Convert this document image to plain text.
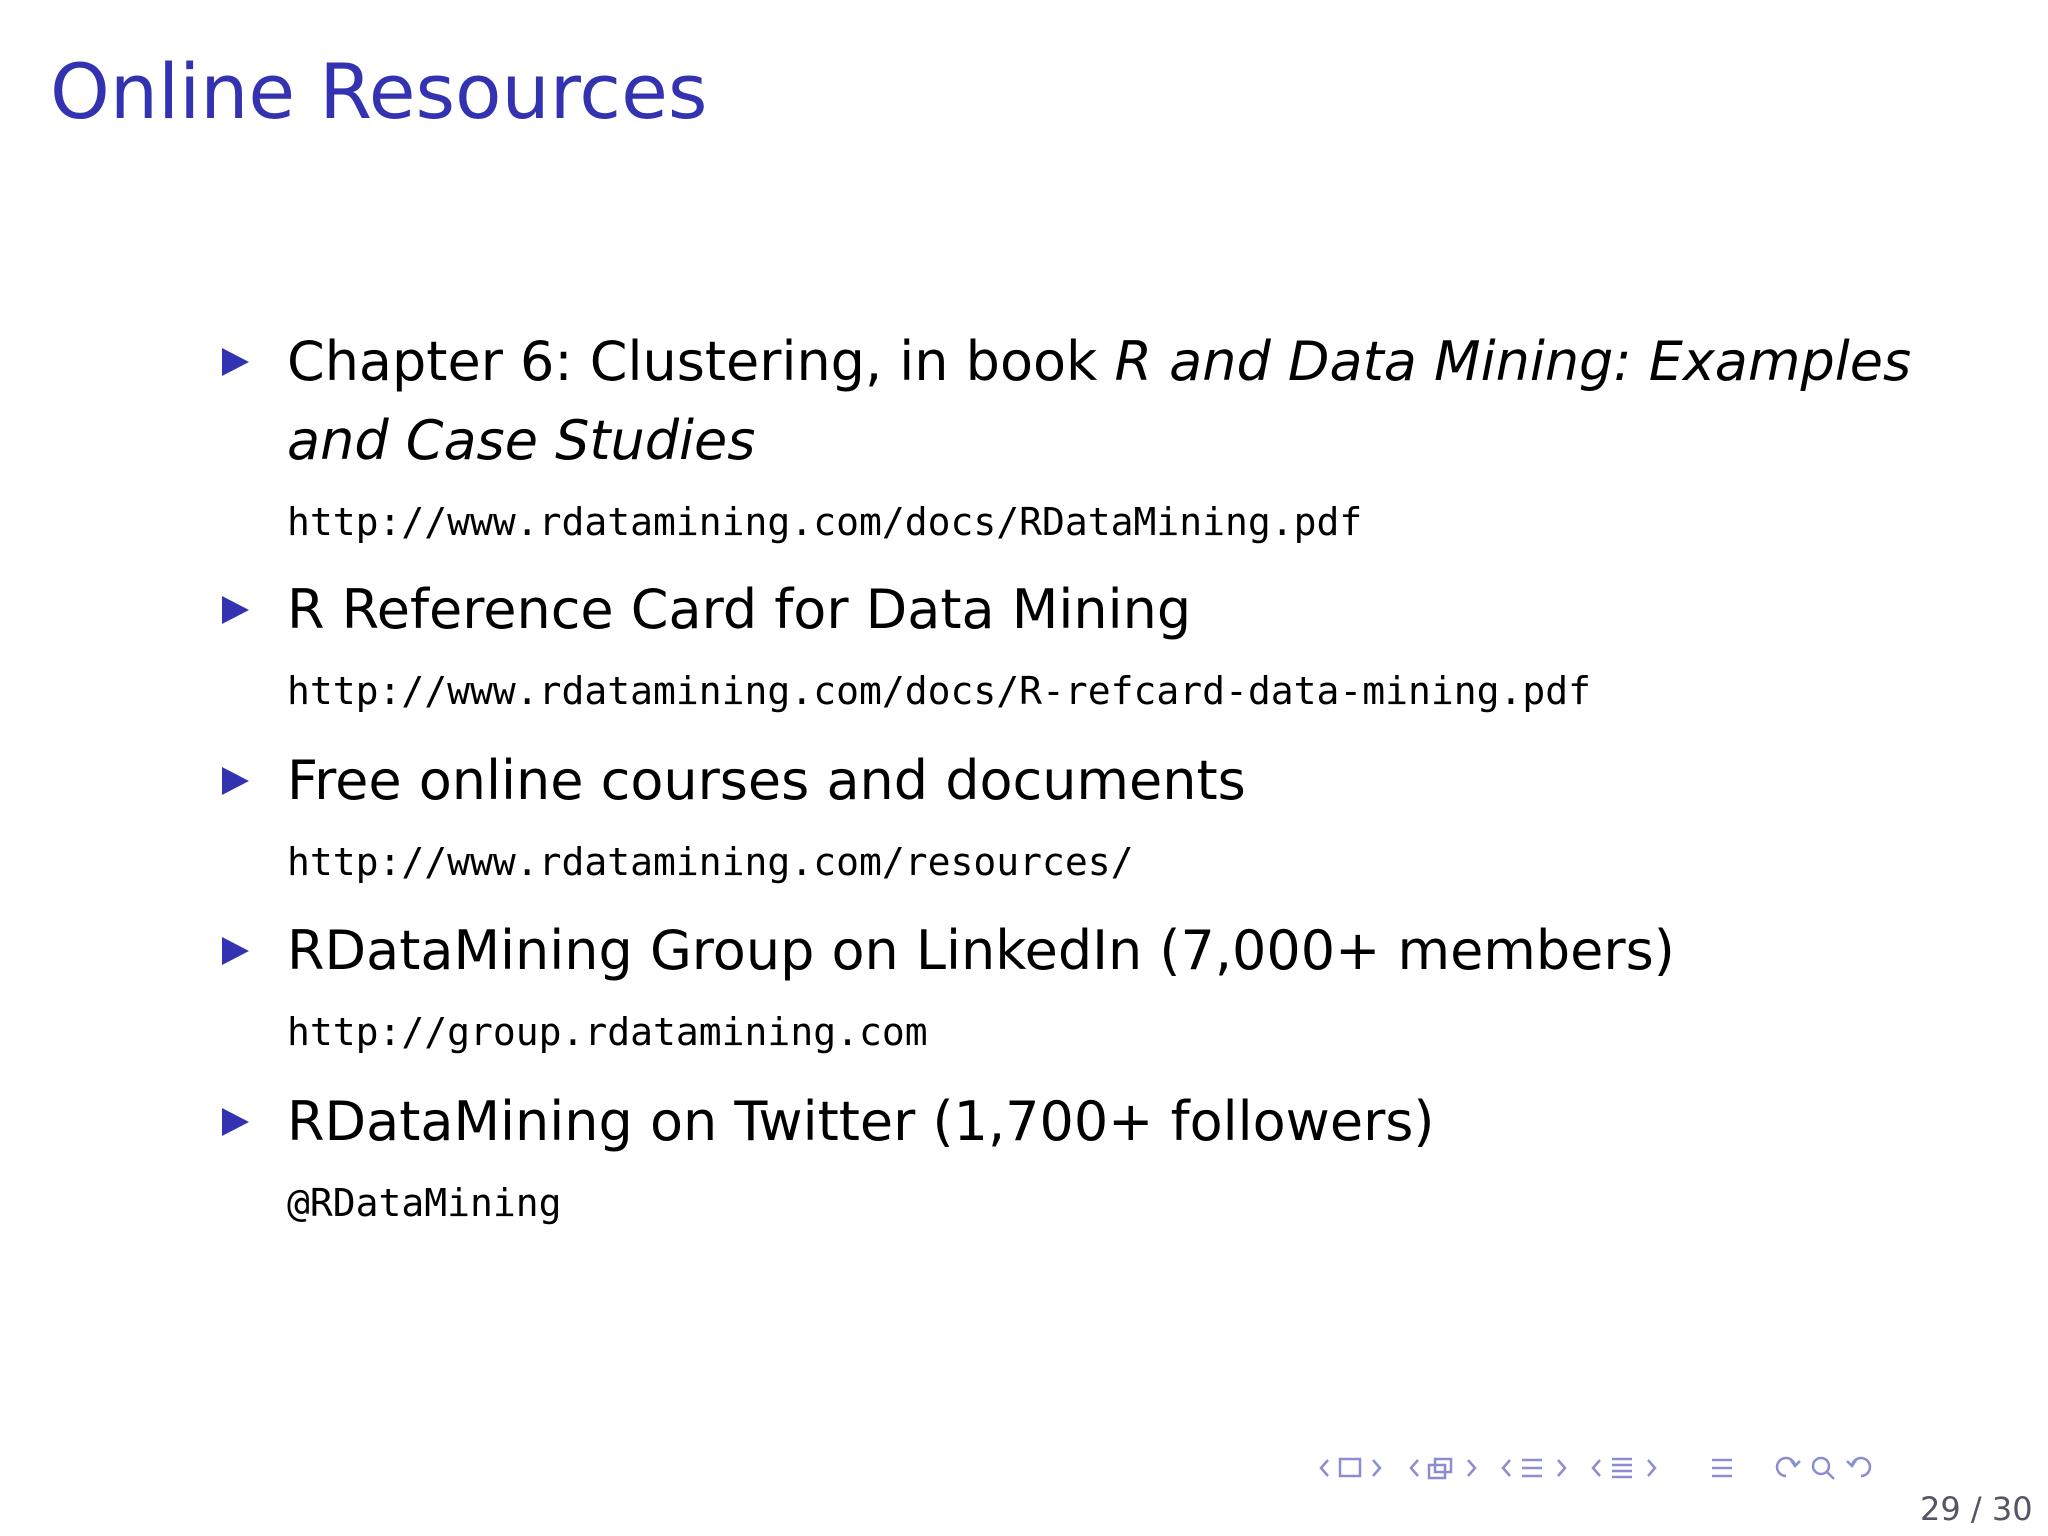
Online Resources
Chapter 6: Clustering, in book R and Data Mining: Examples
and Case Studies
http://www.rdatamining.com/docs/RDataMining.pdf
R Reference Card for Data Mining
http://www.rdatamining.com/docs/R-refcard-data-mining.pdf
Free online courses and documents
http://www.rdatamining.com/resources/
RDataMining Group on LinkedIn (7,000+ members)
http://group.rdatamining.com
RDataMining on Twitter (1,700+ followers)
@RDataMining
29 / 30
